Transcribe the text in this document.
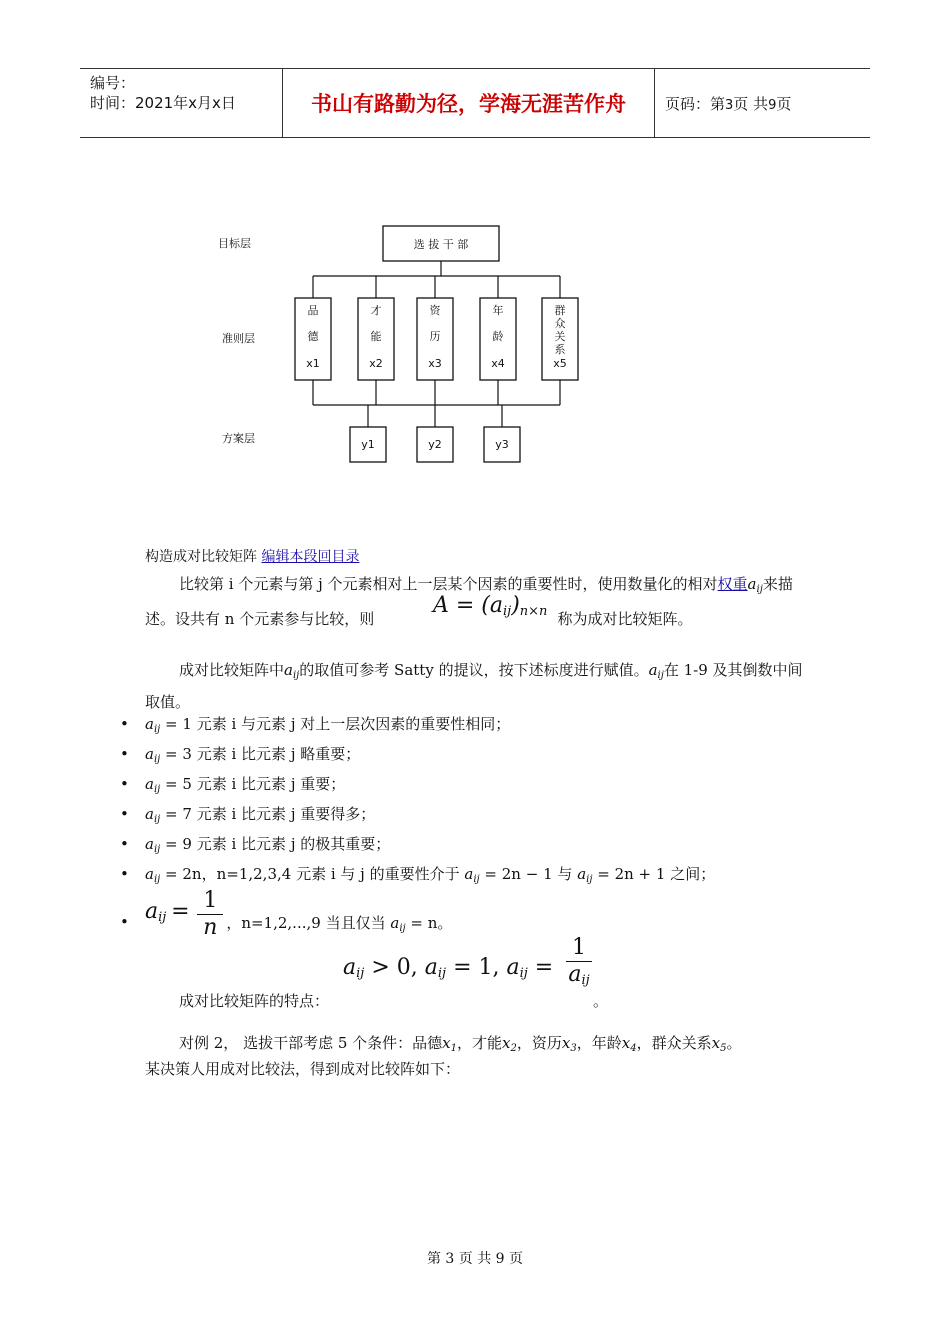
编号：
时间：2021年x月x日	书山有路勤为径，学海无涯苦作舟	页码：第3页 共9页
目标层
准则层
方案层
选 拔 干 部
品
德
x1
才
能
x2
资
历
x3
年
龄
x4
群
众
关
系
x5
y1	y2	y3
构造成对比较矩阵 编辑本段回目录
比较第 i 个元素与第 j 个元素相对上一层某个因素的重要性时，使用数量化的相对权重$a_{ij}$来描述。设共有 n 个元素参与比较，则 $A = (a_{ij})_{n\times n}$ 称为成对比较矩阵。
成对比较矩阵中$a_{ij}$的取值可参考 Satty 的提议，按下述标度进行赋值。$a_{ij}$在 1-9 及其倒数中间取值。
• $a_{ij} = 1$ 元素 i 与元素 j 对上一层次因素的重要性相同；
• $a_{ij} = 3$ 元素 i 比元素 j 略重要；
• $a_{ij} = 5$ 元素 i 比元素 j 重要；
• $a_{ij} = 7$ 元素 i 比元素 j 重要得多；
• $a_{ij} = 9$ 元素 i 比元素 j 的极其重要；
• $a_{ij} = 2n$，n=1,2,3,4 元素 i 与 j 的重要性介于 $a_{ij} = 2n - 1$ 与 $a_{ij} = 2n + 1$ 之间；
• $a_{ij} = \frac{1}{n}$ ，n=1,2,...,9 当且仅当 $a_{ij} = n$。
成对比较矩阵的特点：
$a_{ij} > 0$, $a_{ij} = 1$, $a_{ij}$ =
1
$a_{ij}$
。
对例 2， 选拔干部考虑 5 个条件：品德$x_1$，才能$x_2$，资历$x_3$，年龄$x_4$，群众关系$x_5$。
某决策人用成对比较法，得到成对比较阵如下：
第 3 页 共 9 页
